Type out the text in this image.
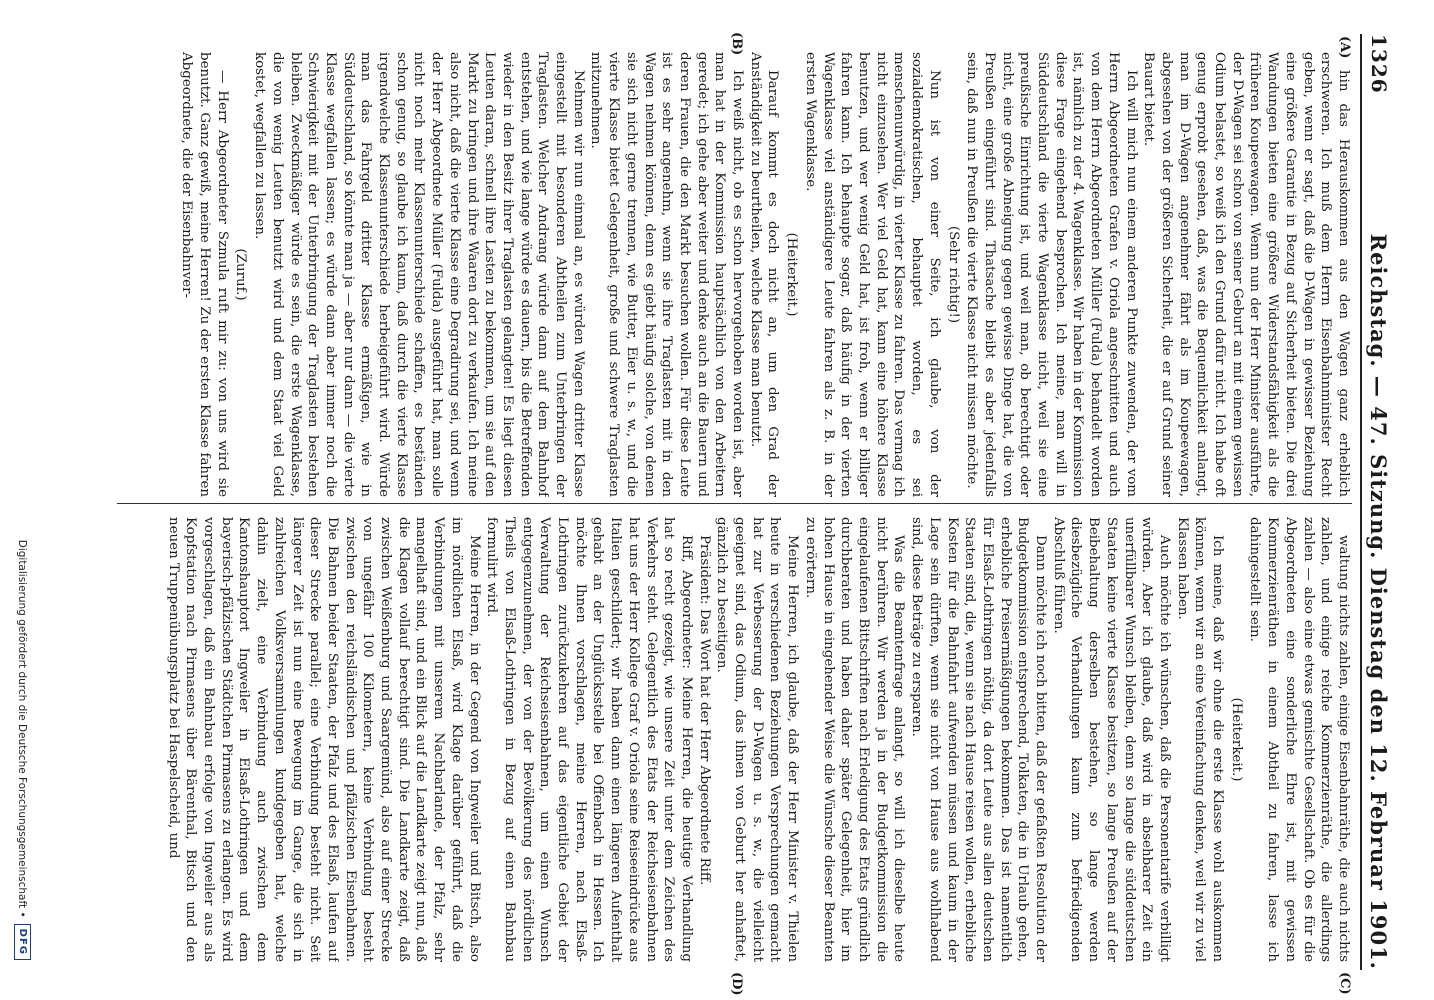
1326
Reichstag. — 47. Sitzung. Dienstag den 12. Februar 1901.
(A)
(B)
(C)
(D)

hin das Herauskommen aus den Wagen ganz erheblich erschweren. Ich muß dem Herrn Eisenbahnminister Recht geben, wenn er sagt, daß die D-Wagen in gewisser Beziehung eine größere Garantie in Bezug auf Sicherheit bieten. Die drei Wandungen bieten eine größere Widerstandsfähigkeit als die früheren Koupeewagen. Wenn nun der Herr Minister ausführte, der D-Wagen sei schon von seiner Geburt an mit einem gewissen Odium belastet, so weiß ich den Grund dafür nicht. Ich habe oft genug erprobt gesehen, daß, was die Bequemlichkeit anlangt, man im D-Wagen angenehmer fährt als im Koupeewagen, abgesehen von der größeren Sicherheit, die er auf Grund seiner Bauart bietet.

Ich will mich nun einem anderen Punkte zuwenden, der vom Herrn Abgeordneten Grafen v. Oriola angeschnitten und auch von dem Herrn Abgeordneten Müller (Fulda) behandelt worden ist, nämlich zu der 4. Wagenklasse. Wir haben in der Kommission diese Frage eingehend besprochen. Ich meine, man will in Süddeutschland die vierte Wagenklasse nicht, weil sie eine preußische Einrichtung ist, und weil man, ob berechtigt oder nicht, eine große Abneigung gegen gewisse Dinge hat, die von Preußen eingeführt sind. Thatsache bleibt es aber jedenfalls sein, daß nun in Preußen die vierte Klasse nicht missen möchte.

(Sehr richtig!)

Nun ist von einer Seite, ich glaube, von der sozialdemokratischen, behauptet worden, es sei menschenunwürdig, in vierter Klasse zu fahren. Das vermag ich nicht einzusehen. Wer viel Geld hat, kann eine höhere Klasse benutzen, und wer wenig Geld hat, ist froh, wenn er billiger fahren kann. Ich behaupte sogar, daß häufig in der vierten Wagenklasse viel anständigere Leute fahren als z. B. in der ersten Wagenklasse.

(Heiterkeit.)

Darauf kommt es doch nicht an, um den Grad der Anständigkeit zu beurtheilen, welche Klasse man benutzt.

Ich weiß nicht, ob es schon hervorgehoben worden ist, aber man hat in der Kommission hauptsächlich von den Arbeitern geredet; ich gehe aber weiter und denke auch an die Bauern und deren Frauen, die den Markt besuchen wollen. Für diese Leute ist es sehr angenehm, wenn sie ihre Traglasten mit in den Wagen nehmen können, denn es giebt häufig solche, von denen sie sich nicht gerne trennen, wie Butter, Eier u. s. w., und die vierte Klasse bietet Gelegenheit, große und schwere Traglasten mitzunehmen.

Nehmen wir nun einmal an, es würden Wagen dritter Klasse eingestellt mit besonderen Abtheilen zum Unterbringen der Traglasten. Welcher Andrang würde dann auf dem Bahnhof entstehen, und wie lange würde es dauern, bis die Betreffenden wieder in den Besitz ihrer Traglasten gelangten! Es liegt diesen Leuten daran, schnell ihre Lasten zu bekommen, um sie auf den Markt zu bringen und ihre Waaren dort zu verkaufen. Ich meine also nicht, daß die vierte Klasse eine Degradirung sei, und wenn der Herr Abgeordnete Müller (Fulda) ausgeführt hat, man solle nicht noch mehr Klassenunterschiede schaffen, es beständen schon genug, so glaube ich kaum, daß durch die vierte Klasse irgendwelche Klassenunterschiede herbeigeführt wird. Würde man das Fahrgeld dritter Klasse ermäßigen, wie in Süddeutschland, so könnte man ja — aber nur dann — die vierte Klasse wegfallen lassen; es würde dann aber immer noch die Schwierigkeit mit der Unterbringung der Traglasten bestehen bleiben. Zweckmäßiger würde es sein, die erste Wagenklasse, die von wenig Leuten benutzt wird und dem Staat viel Geld kostet, wegfallen zu lassen.

(Zuruf.)

— Herr Abgeordneter Szmula ruft mir zu: von uns wird sie benutzt. Ganz gewiß, meine Herren! Zu der ersten Klasse fahren Abgeordnete, die der Eisenbahnver-

waltung nichts zahlen, einige Eisenbahnräthe, die auch nichts zahlen, und einige reiche Kommerzienräthe, die allerdings zahlen — also eine etwas gemischte Gesellschaft. Ob es für die Abgeordneten eine sonderliche Ehre ist, mit gewissen Kommerzienräthen in einem Abtheil zu fahren, lasse ich dahingestellt sein.

(Heiterkeit.)

Ich meine, daß wir ohne die erste Klasse wohl auskommen können, wenn wir an eine Vereinfachung denken, weil wir zu viel Klassen haben.

Auch möchte ich wünschen, daß die Personentarife verbilligt würden. Aber ich glaube, daß wird in absehbarer Zeit ein unerfüllbarer Wunsch bleiben, denn so lange die süddeutschen Staaten keine vierte Klasse besitzen, so lange Preußen auf der Beibehaltung derselben bestehen, so lange werden diesbezügliche Verhandlungen kaum zum befriedigenden Abschluß führen.

Dann möchte ich noch bitten, daß der gefaßten Resolution der Budgetkommission entsprechend, Tolkaten, die in Urlaub gehen, erhebliche Preisermäßigungen bekommen. Das ist namentlich für Elsaß-Lothringen nöthig, da dort Leute aus allen deutschen Staaten sind, die, wenn sie nach Hause reisen wollen, erhebliche Kosten für die Bahnfahrt aufwenden müssen und kaum in der Lage sein dürften, wenn sie nicht von Hause aus wohlhabend sind, diese Beträge zu ersparen.

Was die Beamtenfrage anlangt, so will ich dieselbe heute nicht berühren. Wir werden ja in der Budgetkommission die eingelaufenen Bittschriften nach Erledigung des Etats gründlich durchberaten und haben daher später Gelegenheit, hier im hohen Hause in eingehender Weise die Wünsche dieser Beamten zu erörtern.

Meine Herren, ich glaube, daß der Herr Minister v. Thielen heute in verschiedenen Beziehungen Versprechungen gemacht hat zur Verbesserung der D-Wagen u. s. w., die vielleicht geeignet sind, das Odium, das ihnen von Geburt her anhaftet, gänzlich zu beseitigen.

Präsident: Das Wort hat der Herr Abgeordnete Riff.

Riff, Abgeordneter: Meine Herren, die heutige Verhandlung hat so recht gezeigt, wie unsere Zeit unter dem Zeichen des Verkehrs steht. Gelegentlich des Etats der Reichseisenbahnen hat uns der Herr Kollege Graf v. Oriola seine Reiseeindrücke aus Italien geschildert; wir haben dann einen längeren Aufenthalt gehabt an der Unglücksstelle bei Offenbach in Hessen. Ich möchte Ihnen vorschlagen, meine Herren, nach Elsaß-Lothringen zurückzukehren auf das eigentliche Gebiet der Verwaltung der Reichseisenbahnen, um einen Wunsch entgegenzunehmen, der von der Bevölkerung des nördlichen Theils von Elsaß-Lothringen in Bezug auf einen Bahnbau formulirt wird.

Meine Herren, in der Gegend von Ingweiler und Bitsch, also im nördlichen Elsaß, wird Klage darüber geführt, daß die Verbindungen mit unserem Nachbarlande, der Pfalz, sehr mangelhaft sind, und ein Blick auf die Landkarte zeigt nun, daß die Klagen vollauf berechtigt sind. Die Landkarte zeigt, daß zwischen Weißenburg und Saargemünd, also auf einer Strecke von ungefähr 100 Kilometern, keine Verbindung besteht zwischen den reichsländischen und pfälzischen Eisenbahnen. Die Bahnen beider Staaten, der Pfalz und des Elsaß, laufen auf dieser Strecke parallel; eine Verbindung besteht nicht. Seit längerer Zeit ist nun eine Bewegung im Gange, die sich in zahlreichen Volksversammlungen kundgegeben hat, welche dahin zielt, eine Verbindung auch zwischen dem Kantonshauptort Ingweiler in Elsaß-Lothringen und dem bayerisch-pfälzischen Städtchen Pirmasens zu erlangen. Es wird vorgeschlagen, daß ein Bahnbau erfolge von Ingweiler aus als Kopfstation nach Pirmasens über Bärenthal, Bitsch und den neuen Truppenübungsplatz bei Haspelscheid, und

Digitalisierung gefördert durch die Deutsche Forschungsgemeinschaft •
DFG
